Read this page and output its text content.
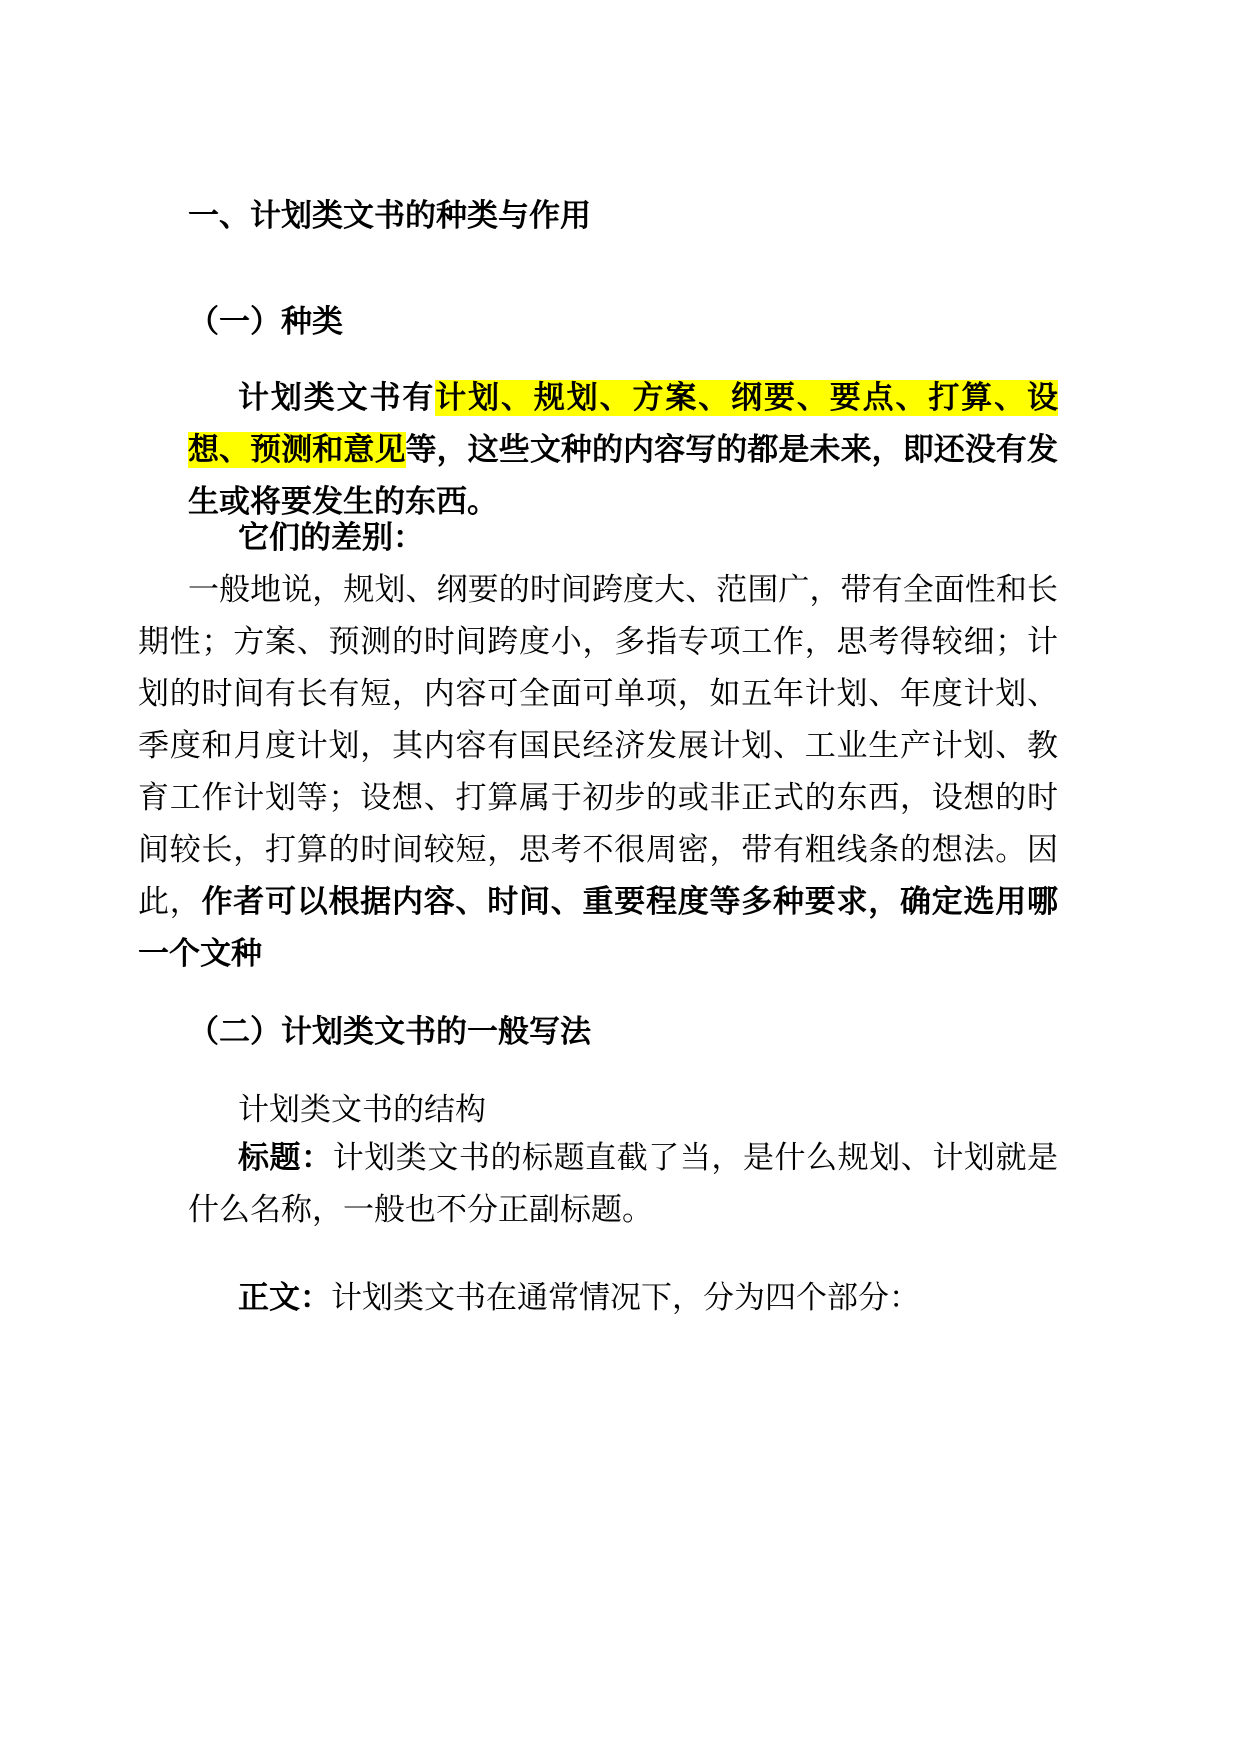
一、计划类文书的种类与作用
（一）种类
计划类文书有计划、规划、方案、纲要、要点、打算、设想、预测和意见等，这些文种的内容写的都是未来，即还没有发生或将要发生的东西。
它们的差别：
一般地说，规划、纲要的时间跨度大、范围广，带有全面性和长期性；方案、预测的时间跨度小，多指专项工作，思考得较细；计划的时间有长有短，内容可全面可单项，如五年计划、年度计划、季度和月度计划，其内容有国民经济发展计划、工业生产计划、教育工作计划等；设想、打算属于初步的或非正式的东西，设想的时间较长，打算的时间较短，思考不很周密，带有粗线条的想法。因此，作者可以根据内容、时间、重要程度等多种要求，确定选用哪一个文种
（二）计划类文书的一般写法
计划类文书的结构
标题：计划类文书的标题直截了当，是什么规划、计划就是什么名称，一般也不分正副标题。
正文：计划类文书在通常情况下，分为四个部分：
